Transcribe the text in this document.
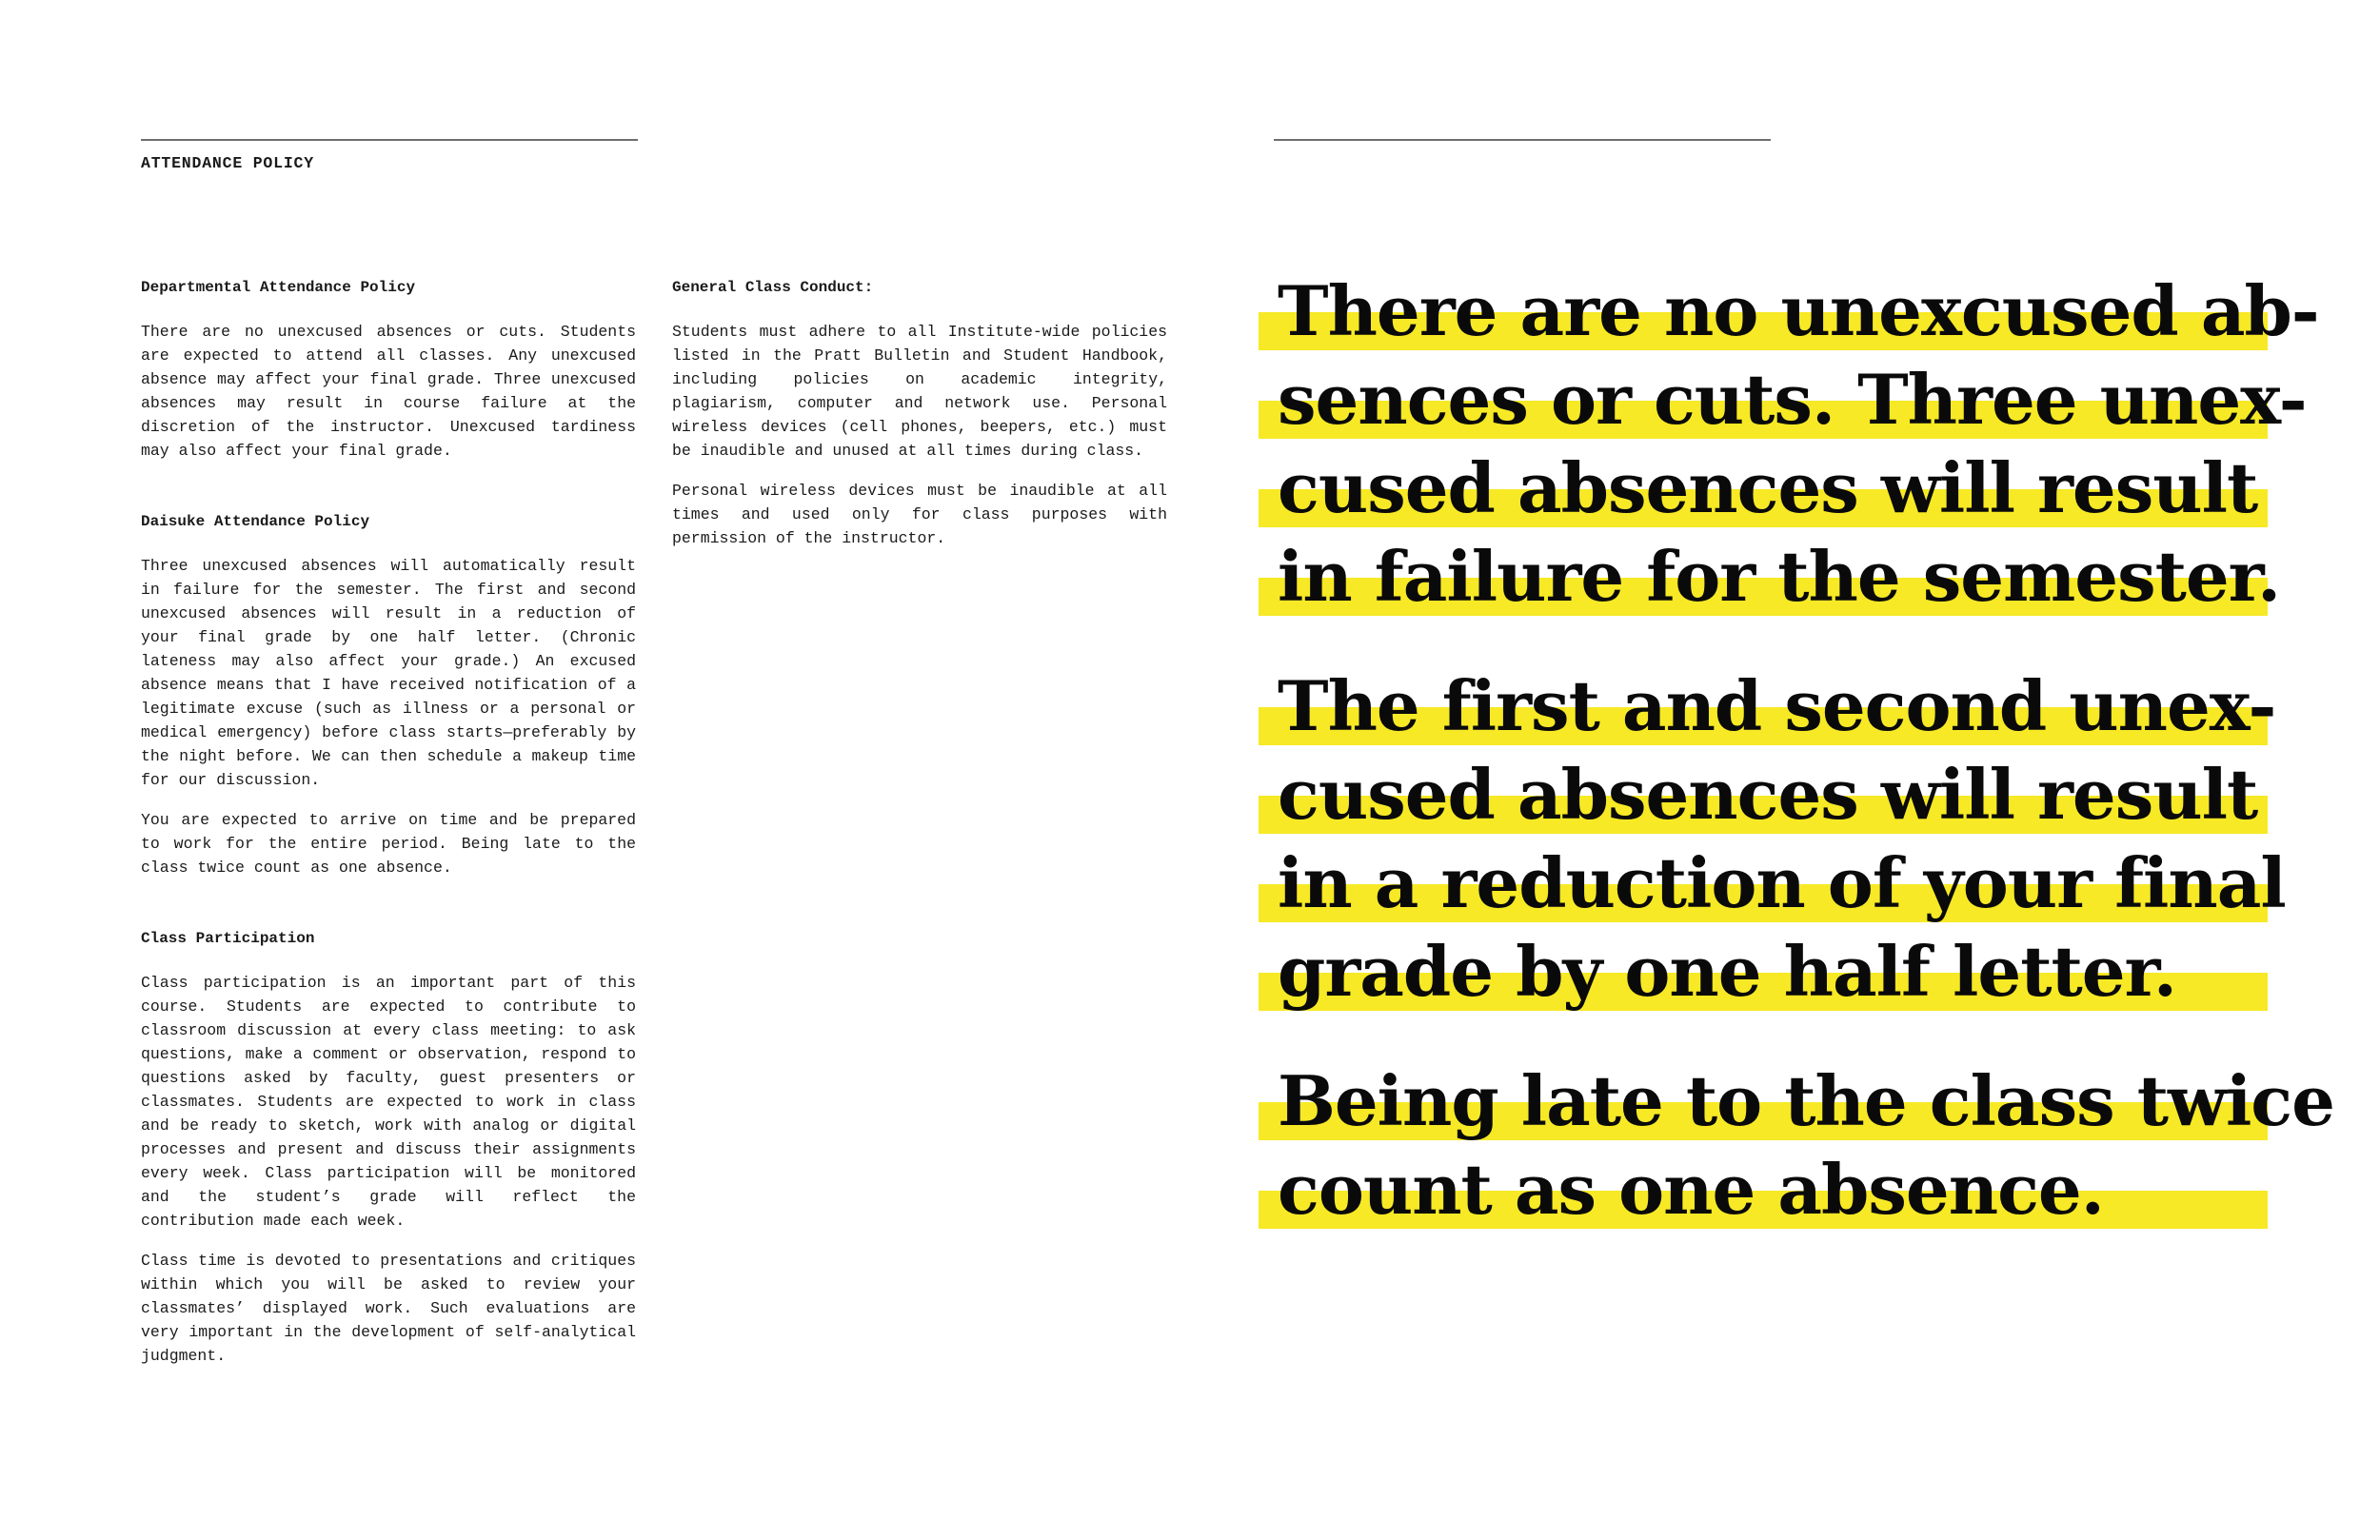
ATTENDANCE POLICY
Departmental Attendance Policy

There are no unexcused absences or cuts. Students are expected to attend all classes. Any unexcused absence may affect your final grade. Three unexcused absences may result in course failure at the discretion of the instructor. Unexcused tardiness may also affect your final grade.

Daisuke Attendance Policy

Three unexcused absences will automatically result in failure for the semester. The first and second unexcused absences will result in a reduction of your final grade by one half letter. (Chronic lateness may also affect your grade.) An excused absence means that I have received notification of a legitimate excuse (such as illness or a personal or medical emergency) before class starts—preferably by the night before. We can then schedule a makeup time for our discussion.

You are expected to arrive on time and be prepared to work for the entire period. Being late to the class twice count as one absence.

Class Participation

Class participation is an important part of this course. Students are expected to contribute to classroom discussion at every class meeting: to ask questions, make a comment or observation, respond to questions asked by faculty, guest presenters or classmates. Students are expected to work in class and be ready to sketch, work with analog or digital processes and present and discuss their assignments every week. Class participation will be monitored and the student’s grade will reflect the contribution made each week.

Class time is devoted to presentations and critiques within which you will be asked to review your classmates’ displayed work. Such evaluations are very important in the development of self-analytical judgment.

General Class Conduct:

Students must adhere to all Institute-wide policies listed in the Pratt Bulletin and Student Handbook, including policies on academic integrity, plagiarism, computer and network use. Personal wireless devices (cell phones, beepers, etc.) must be inaudible and unused at all times during class.

Personal wireless devices must be inaudible at all times and used only for class purposes with permission of the instructor.

There are no unexcused ab-
sences or cuts. Three unex-
cused absences will result
in failure for the semester.
The first and second unex-
cused absences will result
in a reduction of your final
grade by one half letter.
Being late to the class twice
count as one absence.
